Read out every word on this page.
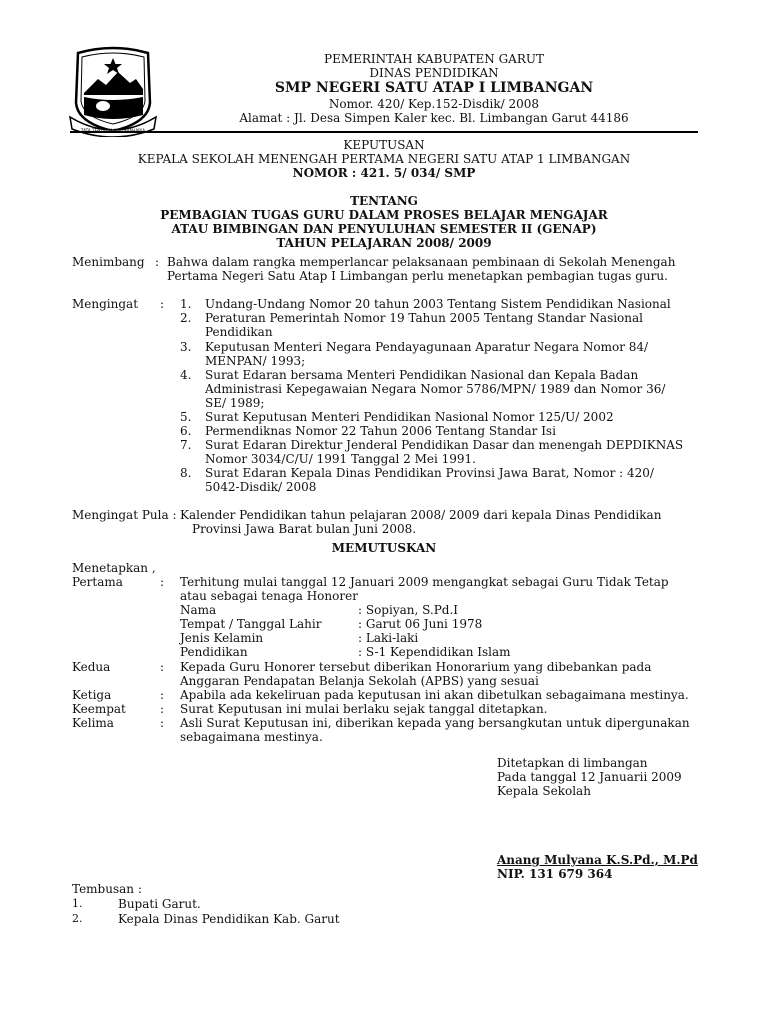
PEMERINTAH KABUPATEN GARUT
DINAS PENDIDIKAN
SMP NEGERI SATU ATAP I LIMBANGAN
Nomor. 420/ Kep.152-Disdik/ 2008
Alamat : Jl. Desa Simpen Kaler kec. Bl. Limbangan Garut 44186
KEPUTUSAN
KEPALA SEKOLAH MENENGAH PERTAMA NEGERI SATU ATAP 1 LIMBANGAN
NOMOR : 421. 5/ 034/ SMP
TENTANG
PEMBAGIAN TUGAS GURU DALAM PROSES BELAJAR MENGAJAR
ATAU BIMBINGAN DAN PENYULUHAN SEMESTER II (GENAP)
TAHUN PELAJARAN 2008/ 2009
Menimbang : Bahwa dalam rangka memperlancar pelaksanaan pembinaan di Sekolah Menengah
Pertama Negeri Satu Atap I Limbangan perlu menetapkan pembagian tugas guru.
Mengingat : 1. Undang-Undang Nomor 20 tahun 2003 Tentang Sistem Pendidikan Nasional
2. Peraturan Pemerintah Nomor 19 Tahun 2005 Tentang Standar Nasional
Pendidikan
3. Keputusan Menteri Negara Pendayagunaan Aparatur Negara Nomor 84/
MENPAN/ 1993;
4. Surat Edaran bersama Menteri Pendidikan Nasional dan Kepala Badan
Administrasi Kepegawaian Negara Nomor 5786/MPN/ 1989 dan Nomor 36/
SE/ 1989;
5. Surat Keputusan Menteri Pendidikan Nasional Nomor 125/U/ 2002
6. Permendiknas Nomor 22 Tahun 2006 Tentang Standar Isi
7. Surat Edaran Direktur Jenderal Pendidikan Dasar dan menengah DEPDIKNAS
Nomor 3034/C/U/ 1991 Tanggal 2 Mei 1991.
8. Surat Edaran Kepala Dinas Pendidikan Provinsi Jawa Barat, Nomor : 420/
5042-Disdik/ 2008
Mengingat Pula : Kalender Pendidikan tahun pelajaran 2008/ 2009 dari kepala Dinas Pendidikan
Provinsi Jawa Barat bulan Juni 2008.
MEMUTUSKAN
Menetapkan ,
Pertama	: Terhitung mulai tanggal 12 Januari 2009 mengangkat sebagai Guru Tidak Tetap
atau sebagai tenaga Honorer
Nama	: Sopiyan, S.Pd.I
Tempat / Tanggal Lahir	: Garut 06 Juni 1978
Jenis Kelamin	: Laki-laki
Pendidikan	: S-1 Kependidikan Islam
Kedua	: Kepada Guru Honorer tersebut diberikan Honorarium yang dibebankan pada
Anggaran Pendapatan Belanja Sekolah (APBS) yang sesuai
Ketiga	: Apabila ada kekeliruan pada keputusan ini akan dibetulkan sebagaimana mestinya.
Keempat	: Surat Keputusan ini mulai berlaku sejak tanggal ditetapkan.
Kelima	: Asli Surat Keputusan ini, diberikan kepada yang bersangkutan untuk dipergunakan
sebagaimana mestinya.
Ditetapkan di limbangan
Pada tanggal 12 Januarii 2009
Kepala Sekolah
Anang Mulyana K.S.Pd., M.Pd
NIP. 131 679 364
Tembusan :
1.	Bupati Garut.
2.	Kepala Dinas Pendidikan Kab. Garut
